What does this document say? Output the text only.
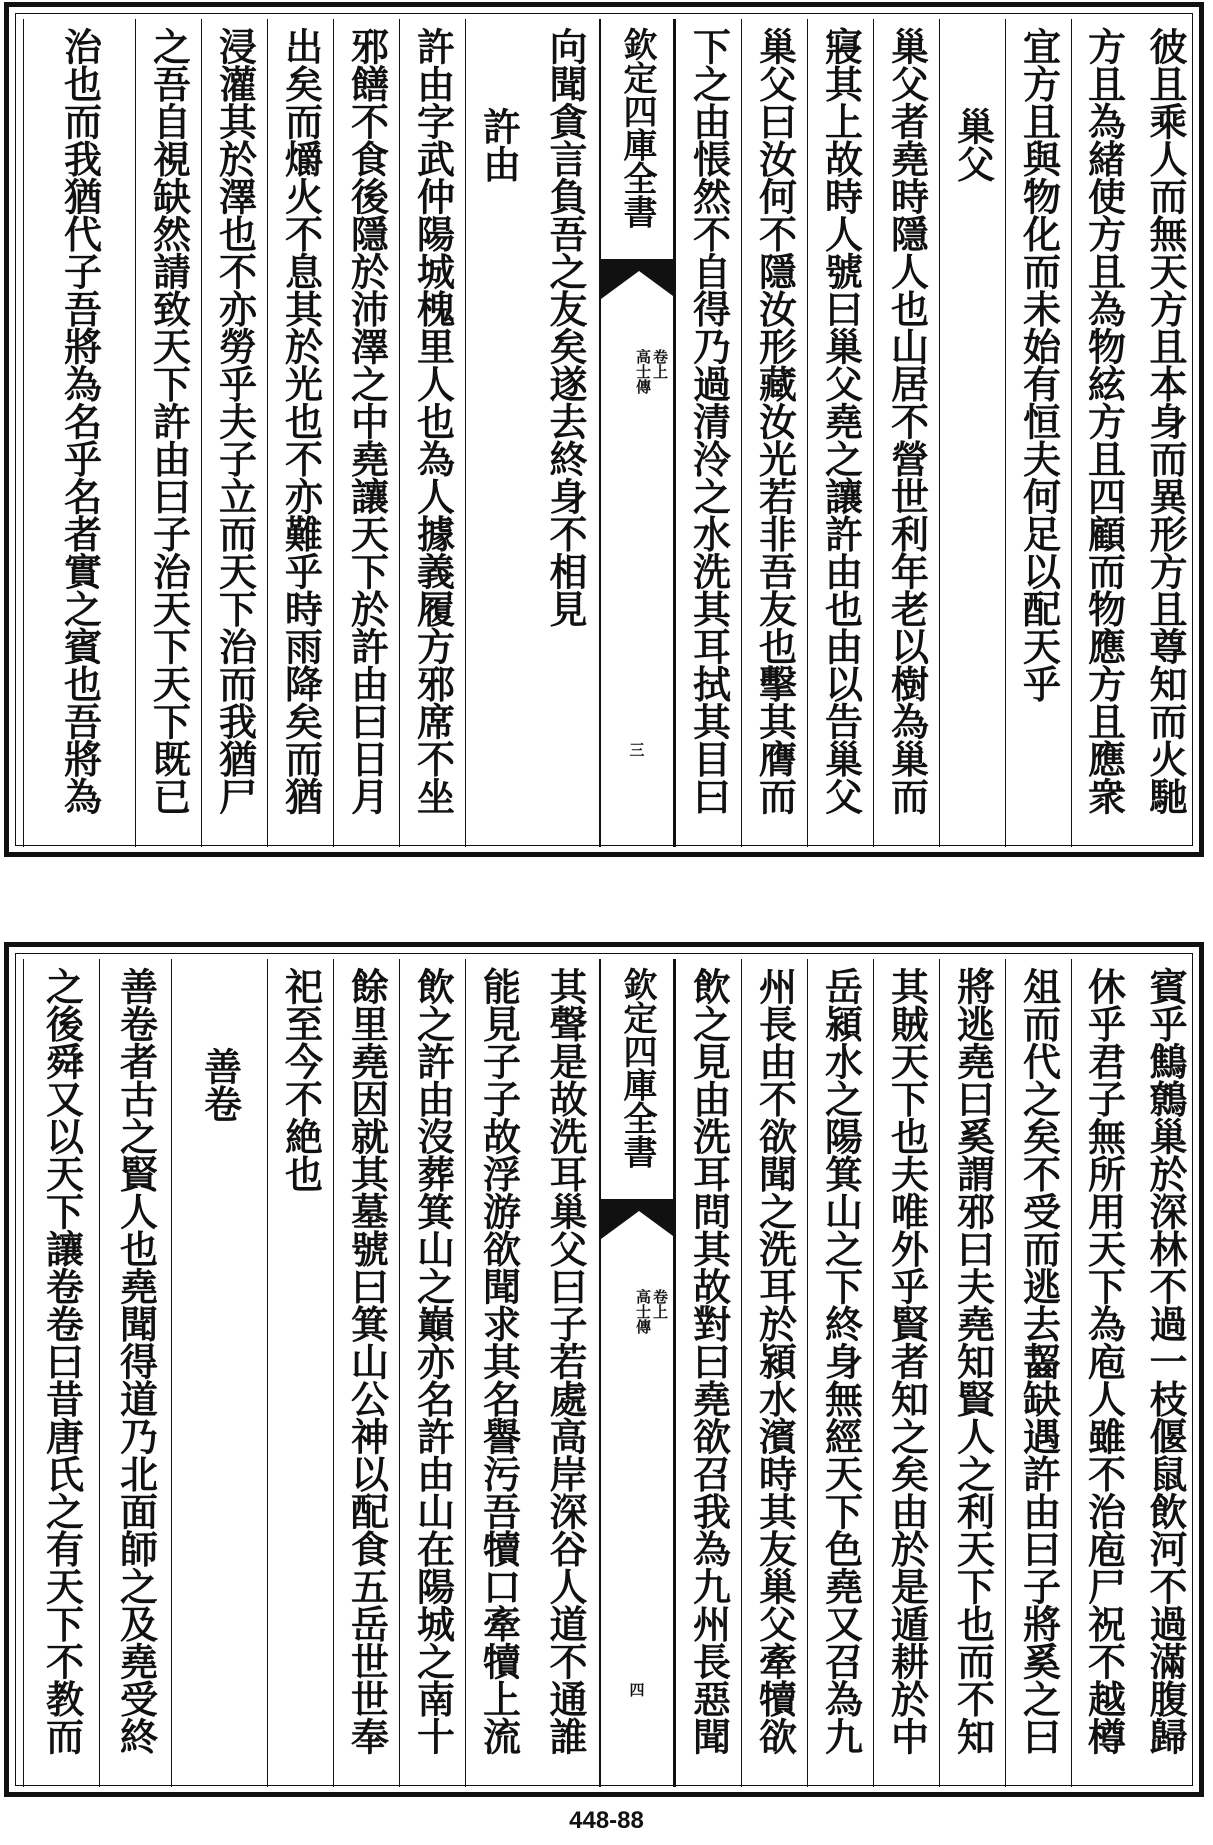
彼且乘人而無天方且本身而異形方且尊知而火馳
方且為緒使方且為物絃方且四顧而物應方且應衆
宜方且與物化而未始有恒夫何足以配天乎
巢父
巢父者堯時隱人也山居不營世利年老以樹為巢而
寢其上故時人號曰巢父堯之讓許由也由以告巢父
巢父曰汝何不隱汝形藏汝光若非吾友也擊其膺而
下之由悵然不自得乃過清泠之水洗其耳拭其目曰
欽定四庫全書
高士傳 卷上
三
向聞貪言負吾之友矣遂去終身不相見
許由
許由字武仲陽城槐里人也為人據義履方邪席不坐
邪饍不食後隱於沛澤之中堯讓天下於許由曰日月
出矣而爝火不息其於光也不亦難乎時雨降矣而猶
浸灌其於澤也不亦勞乎夫子立而天下治而我猶尸
之吾自視缺然請致天下許由曰子治天下天下既已
治也而我猶代子吾將為名乎名者實之賓也吾將為
賓乎鷦鷯巢於深林不過一枝偃鼠飲河不過滿腹歸
休乎君子無所用天下為庖人雖不治庖尸祝不越樽
俎而代之矣不受而逃去齧缺遇許由曰子將奚之曰
將逃堯曰奚謂邪曰夫堯知賢人之利天下也而不知
其賊天下也夫唯外乎賢者知之矣由於是遁耕於中
岳潁水之陽箕山之下終身無經天下色堯又召為九
州長由不欲聞之洗耳於潁水濱時其友巢父牽犢欲
飲之見由洗耳問其故對曰堯欲召我為九州長惡聞
欽定四庫全書
高士傳 卷上
四
其聲是故洗耳巢父曰子若處高岸深谷人道不通誰
能見子子故浮游欲聞求其名譽污吾犢口牽犢上流
飲之許由沒葬箕山之巔亦名許由山在陽城之南十
餘里堯因就其墓號曰箕山公神以配食五岳世世奉
祀至今不絶也
善卷
善卷者古之賢人也堯聞得道乃北面師之及堯受終
之後舜又以天下讓卷卷曰昔唐氏之有天下不教而
448-88
